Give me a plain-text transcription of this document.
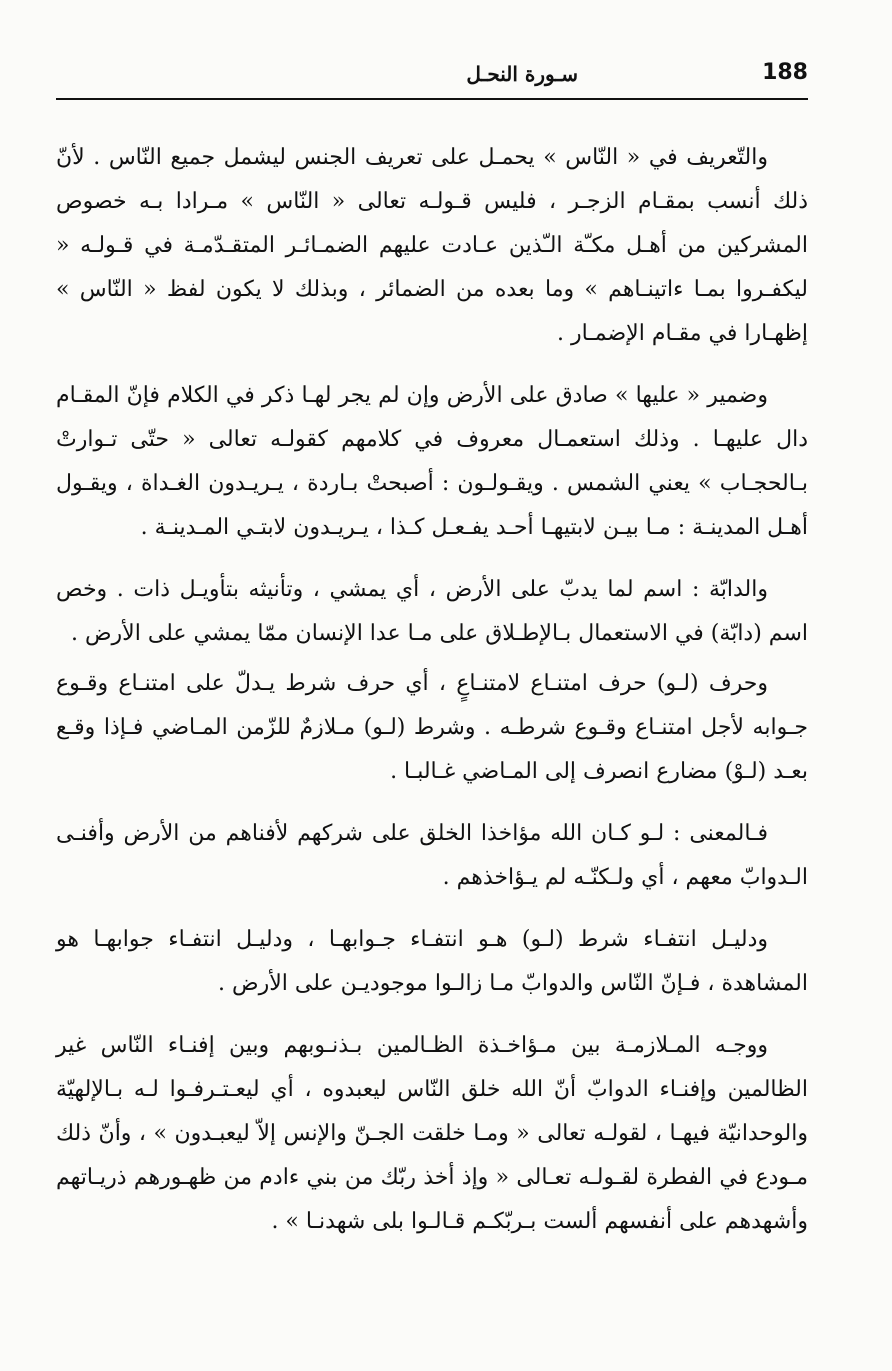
188
سـورة النحـل

والتّعريف في « النّاس » يحمـل على تعريف الجنس ليشمل جميع النّاس . لأنّ ذلك أنسب بمقـام الزجـر ، فليس قـولـه تعالى « النّاس » مـرادا بـه خصوص المشركين من أهـل مكـّة الـّذين عـادت عليهم الضمـائـر المتقـدّمـة في قـولـه « ليكفـروا بمـا ءاتينـاهم » وما بعده من الضمائر ، وبذلك لا يكون لفظ « النّاس » إظهـارا في مقـام الإضمـار .

وضمير « عليها » صادق على الأرض وإن لم يجر لهـا ذكر في الكلام فإنّ المقـام دال عليهـا . وذلك استعمـال معروف في كلامهم كقولـه تعالى « حتّى تـوارتْ بـالحجـاب » يعني الشمس . ويقـولـون : أصبحتْ بـاردة ، يـريـدون الغـداة ، ويقـول أهـل المدينـة : مـا بيـن لابتيهـا أحـد يفـعـل كـذا ، يـريـدون لابتـي المـدينـة .

والدابّة : اسم لما يدبّ على الأرض ، أي يمشي ، وتأنيثه بتأويـل ذات . وخص اسم (دابّة) في الاستعمال بـالإطـلاق على مـا عدا الإنسان ممّا يمشي على الأرض .

وحرف (لـو) حرف امتنـاع لامتنـاعٍ ، أي حرف شرط يـدلّ على امتنـاع وقـوع جـوابه لأجل امتنـاع وقـوع شرطـه . وشرط (لـو) مـلازمٌ للزّمن المـاضي فـإذا وقـع بعـد (لـوْ) مضارع انصرف إلى المـاضي غـالبـا .

فـالمعنى : لـو كـان الله مؤاخذا الخلق على شركهم لأفناهم من الأرض وأفنـى الـدوابّ معهم ، أي ولـكنّـه لم يـؤاخذهم .

ودليـل انتفـاء شرط (لـو) هـو انتفـاء جـوابهـا ، ودليـل انتفـاء جوابهـا هو المشاهدة ، فـإنّ النّاس والدوابّ مـا زالـوا موجوديـن على الأرض .

ووجـه المـلازمـة بين مـؤاخـذة الظـالمين بـذنـوبهم وبين إفنـاء النّاس غير الظالمين وإفنـاء الدوابّ أنّ الله خلق النّاس ليعبدوه ، أي ليعـتـرفـوا لـه بـالإلهيّة والوحدانيّة فيهـا ، لقولـه تعالى « ومـا خلقت الجـنّ والإنس إلاّ ليعبـدون » ، وأنّ ذلك مـودع في الفطرة لقـولـه تعـالى « وإذ أخذ ربّك من بني ءادم من ظهـورهم ذريـاتهم وأشهدهم على أنفسهم ألست بـربّكـم قـالـوا بلى شهدنـا » .
